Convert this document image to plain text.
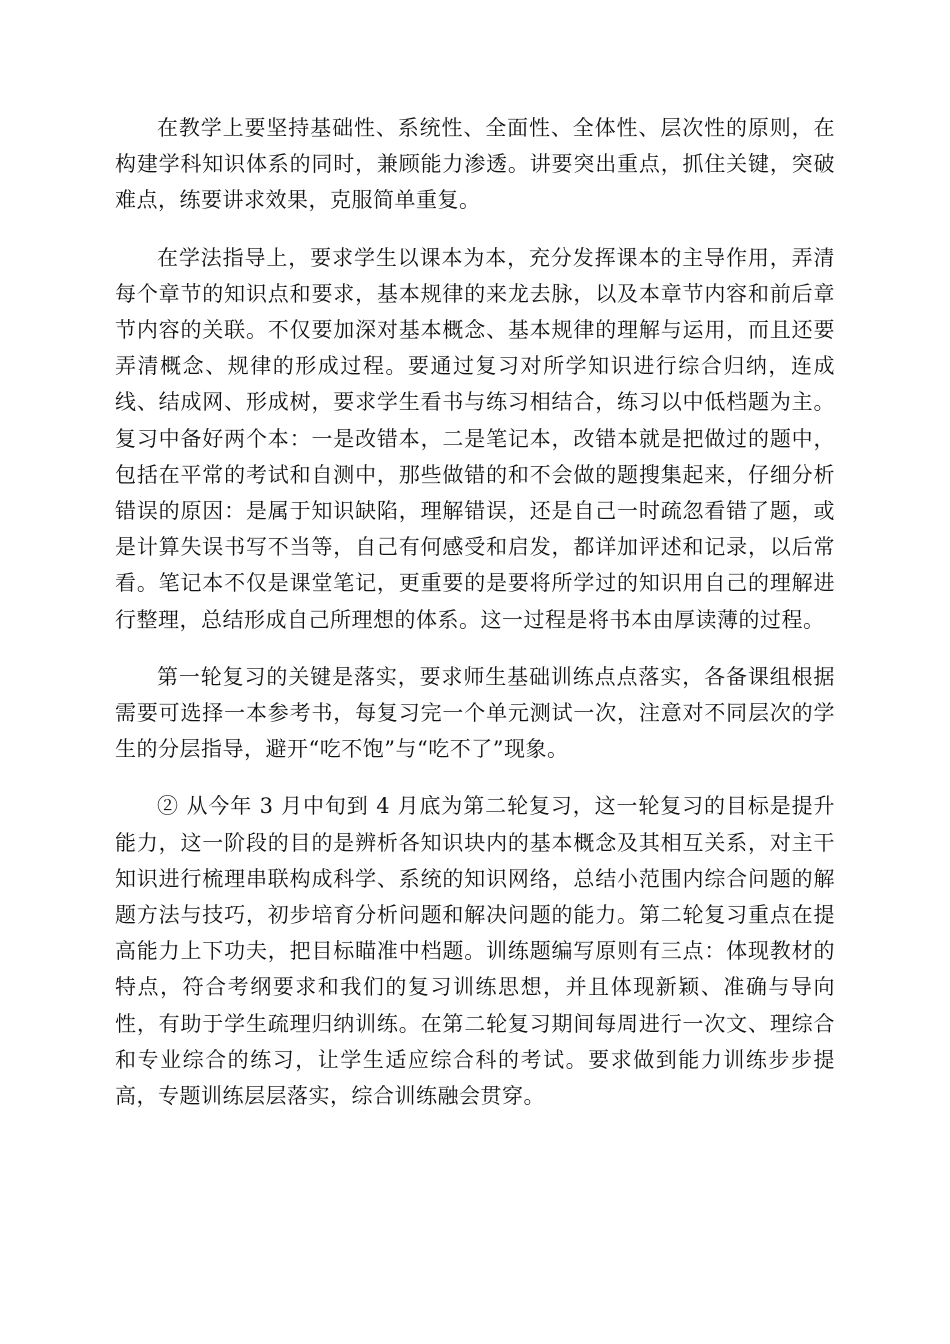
在教学上要坚持基础性、系统性、全面性、全体性、层次性的原则，在构建学科知识体系的同时，兼顾能力渗透。讲要突出重点，抓住关键，突破难点，练要讲求效果，克服简单重复。

在学法指导上，要求学生以课本为本，充分发挥课本的主导作用，弄清每个章节的知识点和要求，基本规律的来龙去脉，以及本章节内容和前后章节内容的关联。不仅要加深对基本概念、基本规律的理解与运用，而且还要弄清概念、规律的形成过程。要通过复习对所学知识进行综合归纳，连成线、结成网、形成树，要求学生看书与练习相结合，练习以中低档题为主。复习中备好两个本：一是改错本，二是笔记本，改错本就是把做过的题中，包括在平常的考试和自测中，那些做错的和不会做的题搜集起来，仔细分析错误的原因：是属于知识缺陷，理解错误，还是自己一时疏忽看错了题，或是计算失误书写不当等，自己有何感受和启发，都详加评述和记录，以后常看。笔记本不仅是课堂笔记，更重要的是要将所学过的知识用自己的理解进行整理，总结形成自己所理想的体系。这一过程是将书本由厚读薄的过程。

第一轮复习的关键是落实，要求师生基础训练点点落实，各备课组根据需要可选择一本参考书，每复习完一个单元测试一次，注意对不同层次的学生的分层指导，避开“吃不饱”与“吃不了”现象。

② 从今年 3 月中旬到 4 月底为第二轮复习，这一轮复习的目标是提升能力，这一阶段的目的是辨析各知识块内的基本概念及其相互关系，对主干知识进行梳理串联构成科学、系统的知识网络，总结小范围内综合问题的解题方法与技巧，初步培育分析问题和解决问题的能力。第二轮复习重点在提高能力上下功夫，把目标瞄准中档题。训练题编写原则有三点：体现教材的特点，符合考纲要求和我们的复习训练思想，并且体现新颖、准确与导向性，有助于学生疏理归纳训练。在第二轮复习期间每周进行一次文、理综合和专业综合的练习，让学生适应综合科的考试。要求做到能力训练步步提高，专题训练层层落实，综合训练融会贯穿。
